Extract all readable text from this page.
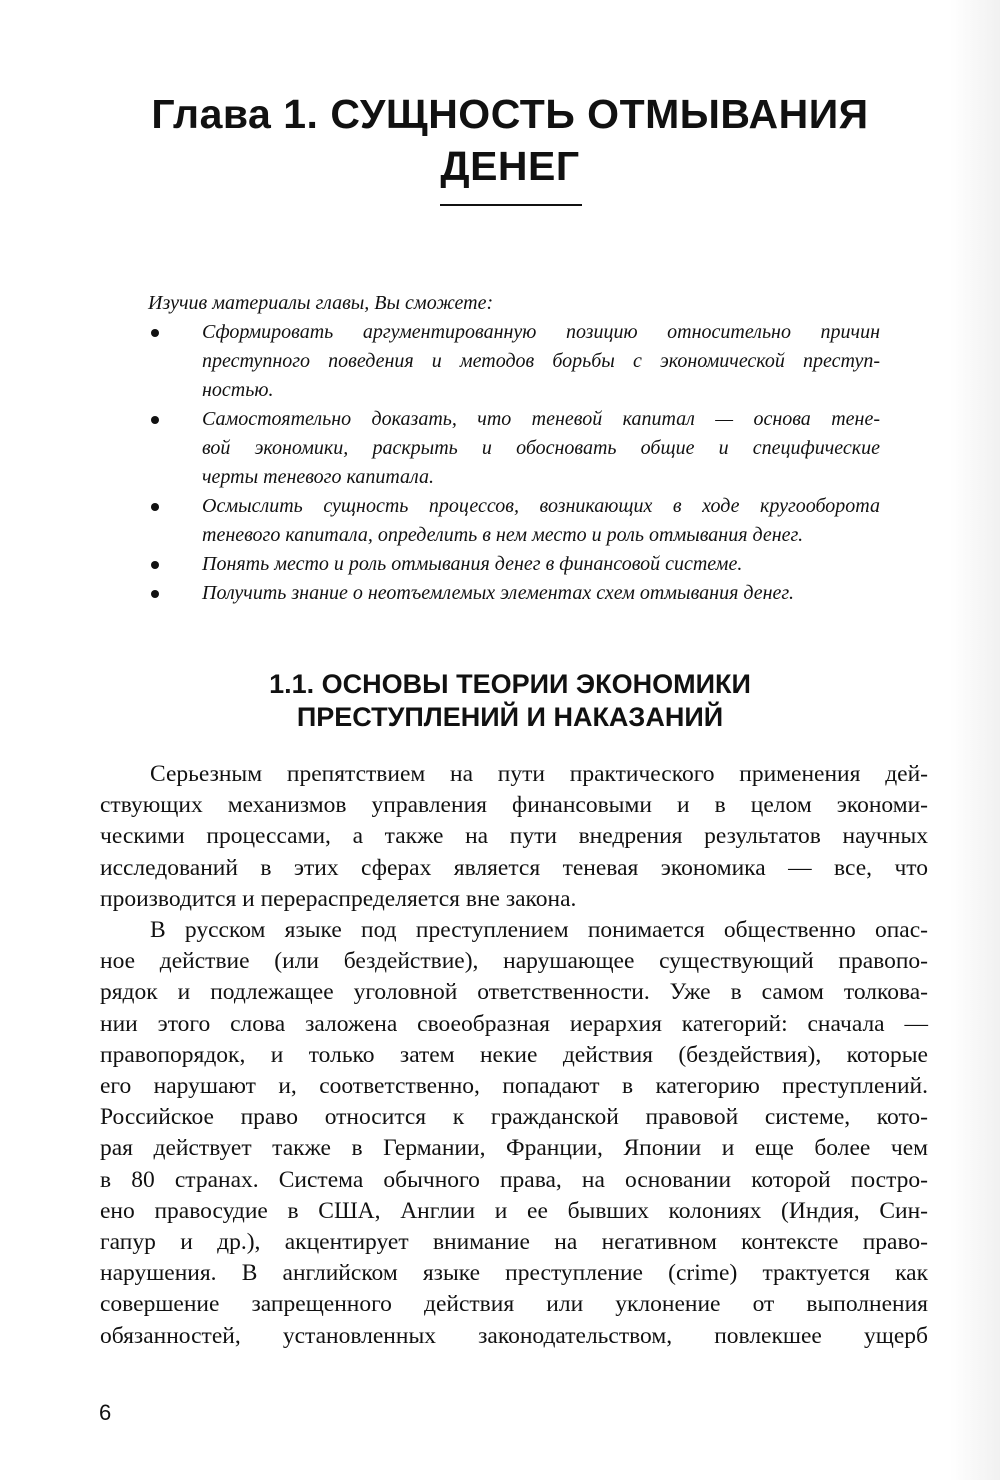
Глава 1. СУЩНОСТЬ ОТМЫВАНИЯ
ДЕНЕГ
Изучив материалы главы, Вы сможете:
Сформировать аргументированную позицию относительно причин
преступного поведения и методов борьбы с экономической преступ-
ностью.
Самостоятельно доказать, что теневой капитал — основа тене-
вой экономики, раскрыть и обосновать общие и специфические
черты теневого капитала.
Осмыслить сущность процессов, возникающих в ходе кругооборота
теневого капитала, определить в нем место и роль отмывания денег.
Понять место и роль отмывания денег в финансовой системе.
Получить знание о неотъемлемых элементах схем отмывания денег.
1.1. ОСНОВЫ ТЕОРИИ ЭКОНОМИКИ
ПРЕСТУПЛЕНИЙ И НАКАЗАНИЙ
Серьезным препятствием на пути практического применения дей-
ствующих механизмов управления финансовыми и в целом экономи-
ческими процессами, а также на пути внедрения результатов научных
исследований в этих сферах является теневая экономика — все, что
производится и перераспределяется вне закона.
В русском языке под преступлением понимается общественно опас-
ное действие (или бездействие), нарушающее существующий правопо-
рядок и подлежащее уголовной ответственности. Уже в самом толкова-
нии этого слова заложена своеобразная иерархия категорий: сначала —
правопорядок, и только затем некие действия (бездействия), которые
его нарушают и, соответственно, попадают в категорию преступлений.
Российское право относится к гражданской правовой системе, кото-
рая действует также в Германии, Франции, Японии и еще более чем
в 80 странах. Система обычного права, на основании которой постро-
ено правосудие в США, Англии и ее бывших колониях (Индия, Син-
гапур и др.), акцентирует внимание на негативном контексте право-
нарушения. В английском языке преступление (crime) трактуется как
совершение запрещенного действия или уклонение от выполнения
обязанностей, установленных законодательством, повлекшее ущерб
6
